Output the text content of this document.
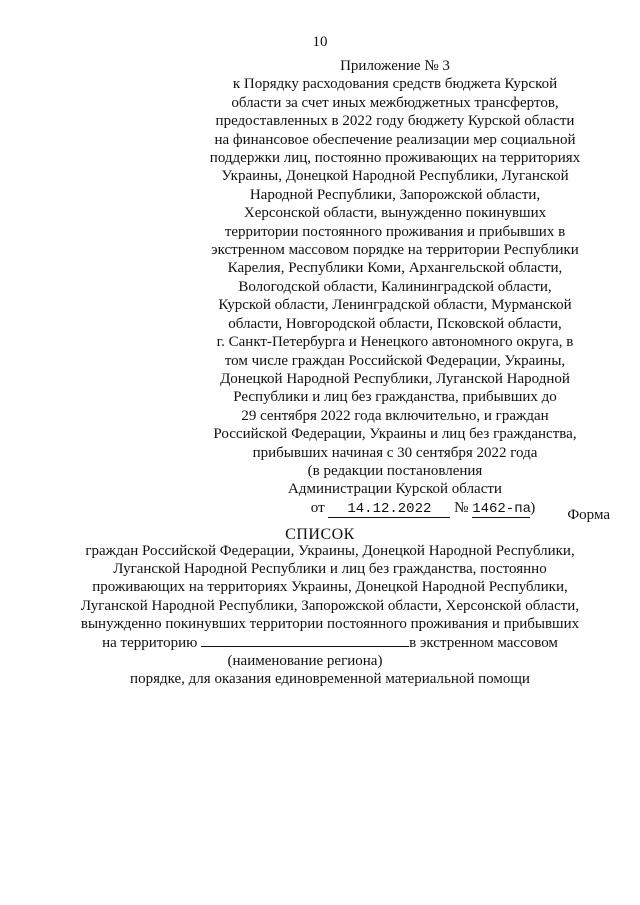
10
Приложение № 3
к Порядку расходования средств бюджета Курской
области за счет иных межбюджетных трансфертов,
предоставленных в 2022 году бюджету Курской области
на финансовое обеспечение реализации мер социальной
поддержки лиц, постоянно проживающих на территориях
Украины, Донецкой Народной Республики, Луганской
Народной Республики, Запорожской области,
Херсонской области, вынужденно покинувших
территории постоянного проживания и прибывших в
экстренном массовом порядке на территории Республики
Карелия, Республики Коми, Архангельской области,
Вологодской области, Калининградской области,
Курской области, Ленинградской области, Мурманской
области, Новгородской области, Псковской области,
г. Санкт-Петербурга и Ненецкого автономного округа, в
том числе граждан Российской Федерации, Украины,
Донецкой Народной Республики, Луганской Народной
Республики и лиц без гражданства, прибывших до
29 сентября 2022 года включительно, и граждан
Российской Федерации, Украины и лиц без гражданства,
прибывших начиная с 30 сентября 2022 года
(в редакции постановления
Администрации Курской области
от 14.12.2022 № 1462-па)	Форма
СПИСОК
граждан Российской Федерации, Украины, Донецкой Народной Республики,
Луганской Народной Республики и лиц без гражданства, постоянно
проживающих на территориях Украины, Донецкой Народной Республики,
Луганской Народной Республики, Запорожской области, Херсонской области,
вынужденно покинувших территории постоянного проживания и прибывших
на территорию	в экстренном массовом
(наименование региона)
порядке, для оказания единовременной материальной помощи
